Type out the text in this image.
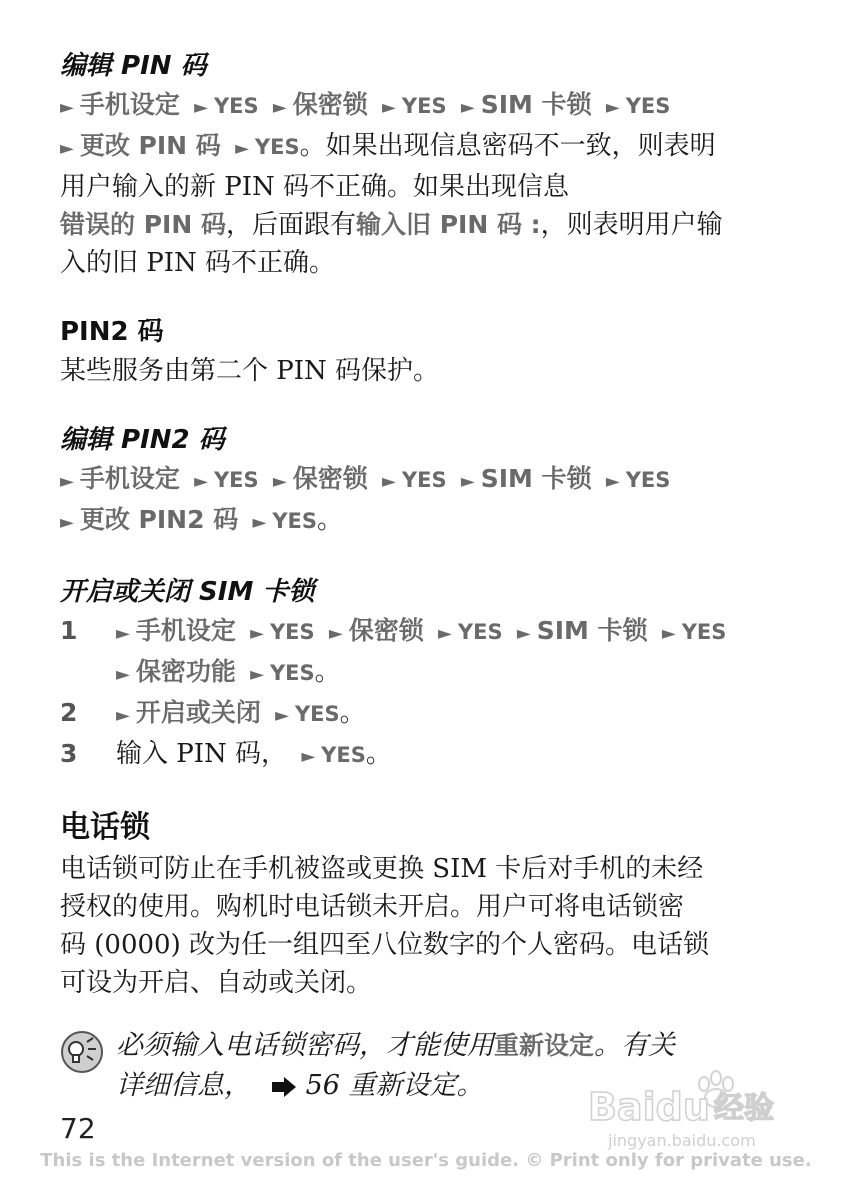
编辑 PIN 码
► 手机设定 ► YES ► 保密锁 ► YES ► SIM 卡锁 ► YES
► 更改 PIN 码 ► YES。如果出现信息密码不一致，则表明
用户输入的新 PIN 码不正确。如果出现信息
错误的 PIN 码，后面跟有输入旧 PIN 码 :，则表明用户输
入的旧 PIN 码不正确。
PIN2 码
某些服务由第二个 PIN 码保护。
编辑 PIN2 码
► 手机设定 ► YES ► 保密锁 ► YES ► SIM 卡锁 ► YES
► 更改 PIN2 码 ► YES。
开启或关闭 SIM 卡锁
1 ► 手机设定 ► YES ► 保密锁 ► YES ► SIM 卡锁 ► YES
► 保密功能 ► YES。
2 ► 开启或关闭 ► YES。
3 输入 PIN 码， ► YES。
电话锁
电话锁可防止在手机被盗或更换 SIM 卡后对手机的未经
授权的使用。购机时电话锁未开启。用户可将电话锁密
码 (0000) 改为任一组四至八位数字的个人密码。电话锁
可设为开启、自动或关闭。
必须输入电话锁密码，才能使用重新设定。有关
详细信息， 56 重新设定。	Baidu 经验
jingyan.baidu.com
72
This is the Internet version of the user's guide. © Print only for private use.
